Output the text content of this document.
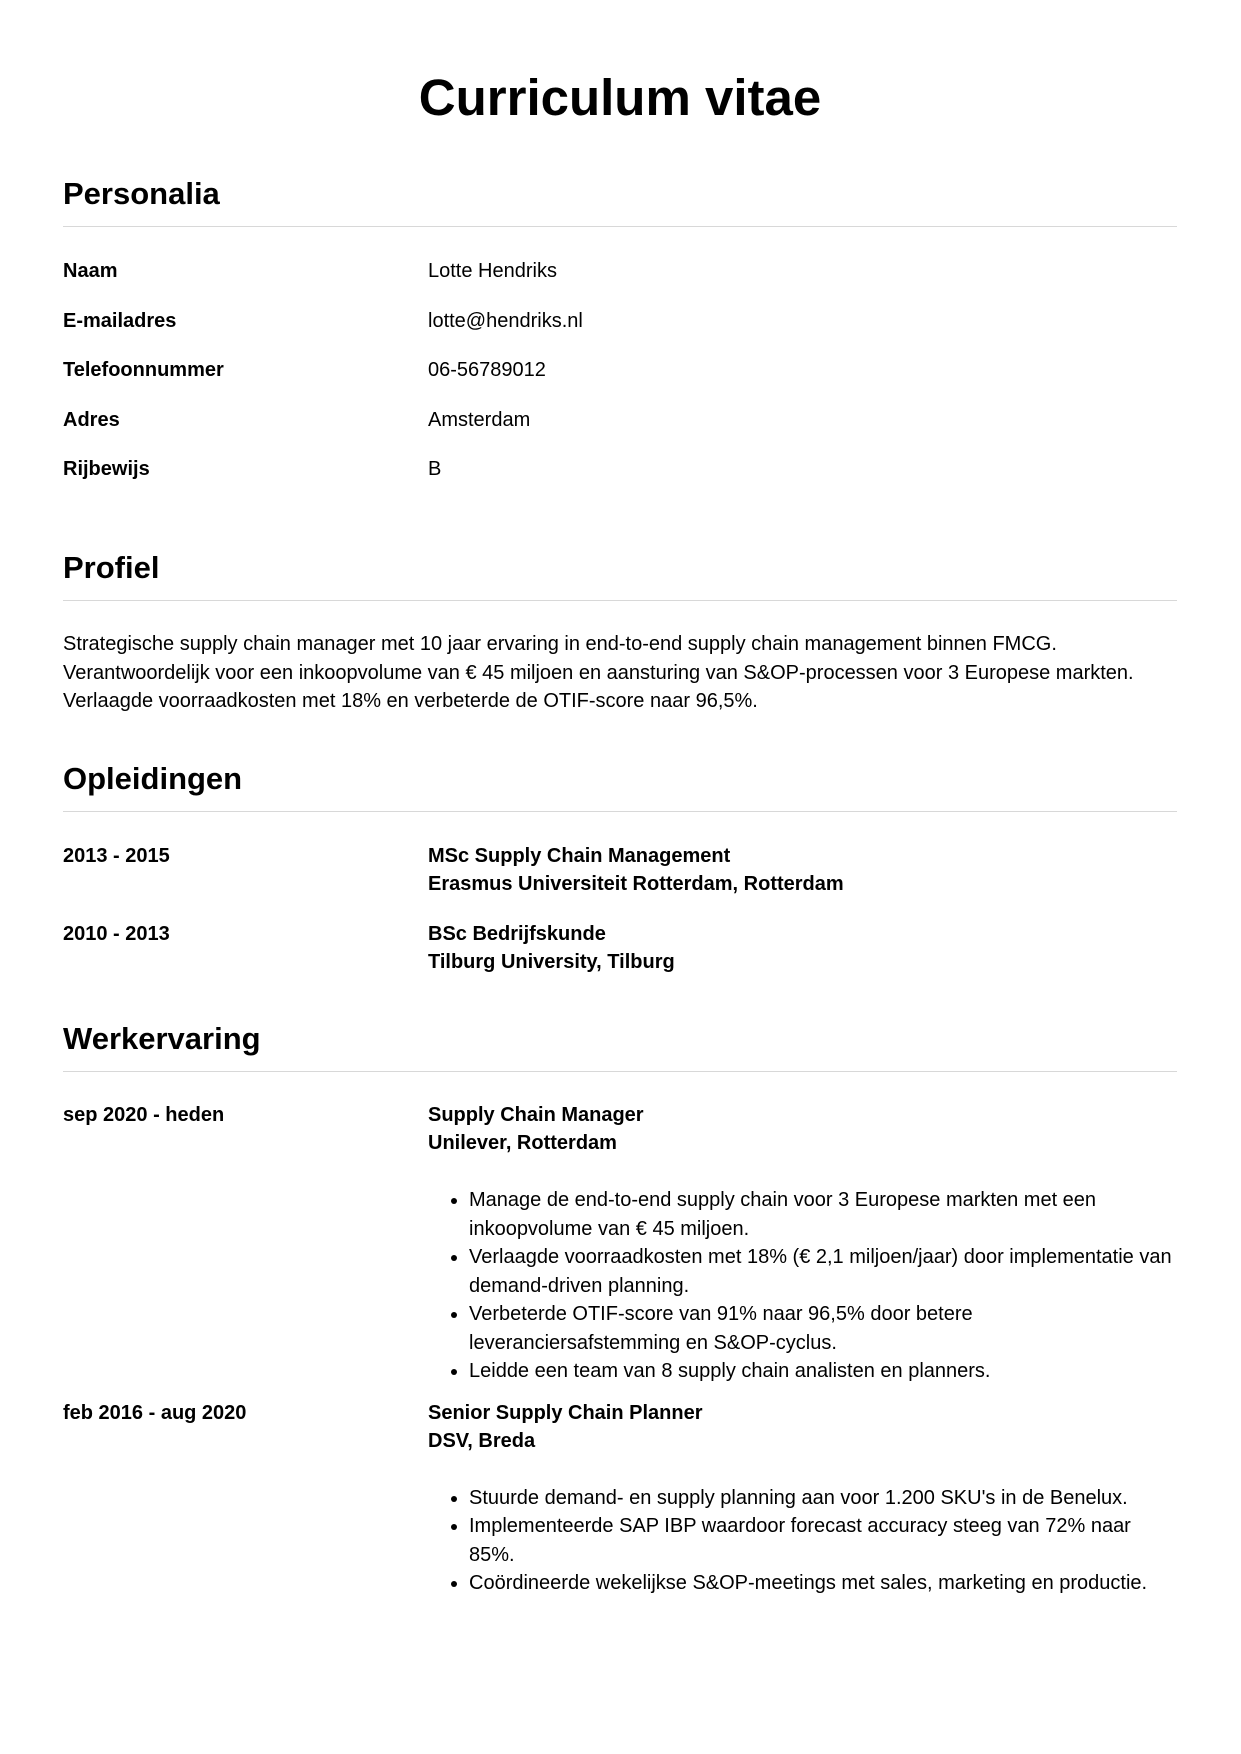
Curriculum vitae
Personalia
Naam	Lotte Hendriks
E-mailadres	lotte@hendriks.nl
Telefoonnummer	06-56789012
Adres	Amsterdam
Rijbewijs	B
Profiel

Strategische supply chain manager met 10 jaar ervaring in end-to-end supply chain management binnen FMCG. Verantwoordelijk voor een inkoopvolume van € 45 miljoen en aansturing van S&OP-processen voor 3 Europese markten. Verlaagde voorraadkosten met 18% en verbeterde de OTIF-score naar 96,5%.

Opleidingen
2013 - 2015	MSc Supply Chain Management
Erasmus Universiteit Rotterdam, Rotterdam
2010 - 2013	BSc Bedrijfskunde
Tilburg University, Tilburg
Werkervaring
sep 2020 - heden	Supply Chain Manager
Unilever, Rotterdam
• Manage de end-to-end supply chain voor 3 Europese markten met een inkoopvolume van € 45 miljoen.
• Verlaagde voorraadkosten met 18% (€ 2,1 miljoen/jaar) door implementatie van demand-driven planning.
• Verbeterde OTIF-score van 91% naar 96,5% door betere leveranciersafstemming en S&OP-cyclus.
• Leidde een team van 8 supply chain analisten en planners.
feb 2016 - aug 2020	Senior Supply Chain Planner
DSV, Breda
• Stuurde demand- en supply planning aan voor 1.200 SKU's in de Benelux.
• Implementeerde SAP IBP waardoor forecast accuracy steeg van 72% naar 85%.
• Coördineerde wekelijkse S&OP-meetings met sales, marketing en productie.
